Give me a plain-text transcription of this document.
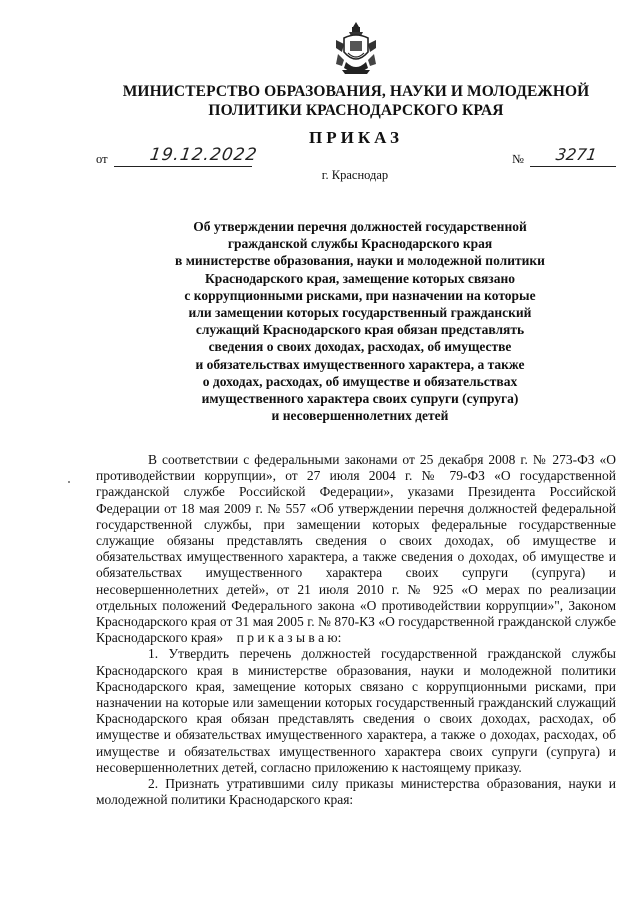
МИНИСТЕРСТВО ОБРАЗОВАНИЯ, НАУКИ И МОЛОДЕЖНОЙ
ПОЛИТИКИ КРАСНОДАРСКОГО КРАЯ
ПРИКАЗ
от 19.12.2022	№ 3271
г. Краснодар
Об утверждении перечня должностей государственной
гражданской службы Краснодарского края
в министерстве образования, науки и молодежной политики
Краснодарского края, замещение которых связано
с коррупционными рисками, при назначении на которые
или замещении которых государственный гражданский
служащий Краснодарского края обязан представлять
сведения о своих доходах, расходах, об имуществе
и обязательствах имущественного характера, а также
о доходах, расходах, об имуществе и обязательствах
имущественного характера своих супруги (супруга)
и несовершеннолетних детей

В соответствии с федеральными законами от 25 декабря 2008 г. № 273-ФЗ «О противодействии коррупции», от 27 июля 2004 г. № 79-ФЗ «О государственной гражданской службе Российской Федерации», указами Президента Российской Федерации от 18 мая 2009 г. № 557 «Об утверждении перечня должностей федеральной государственной службы, при замещении которых федеральные государственные служащие обязаны представлять сведения о своих доходах, об имуществе и обязательствах имущественного характера, а также сведения о доходах, об имуществе и обязательствах имущественного характера своих супруги (супруга) и несовершеннолетних детей», от 21 июля 2010 г. № 925 «О мерах по реализации отдельных положений Федерального закона «О противодействии коррупции»", Законом Краснодарского края от 31 мая 2005 г. № 870-КЗ «О государственной гражданской службе Краснодарского края» п р и к а з ы в а ю:

1. Утвердить перечень должностей государственной гражданской службы Краснодарского края в министерстве образования, науки и молодежной политики Краснодарского края, замещение которых связано с коррупционными рисками, при назначении на которые или замещении которых государственный гражданский служащий Краснодарского края обязан представлять сведения о своих доходах, расходах, об имуществе и обязательствах имущественного характера, а также о доходах, расходах, об имуществе и обязательствах имущественного характера своих супруги (супруга) и несовершеннолетних детей, согласно приложению к настоящему приказу.

2. Признать утратившими силу приказы министерства образования, науки и молодежной политики Краснодарского края:
